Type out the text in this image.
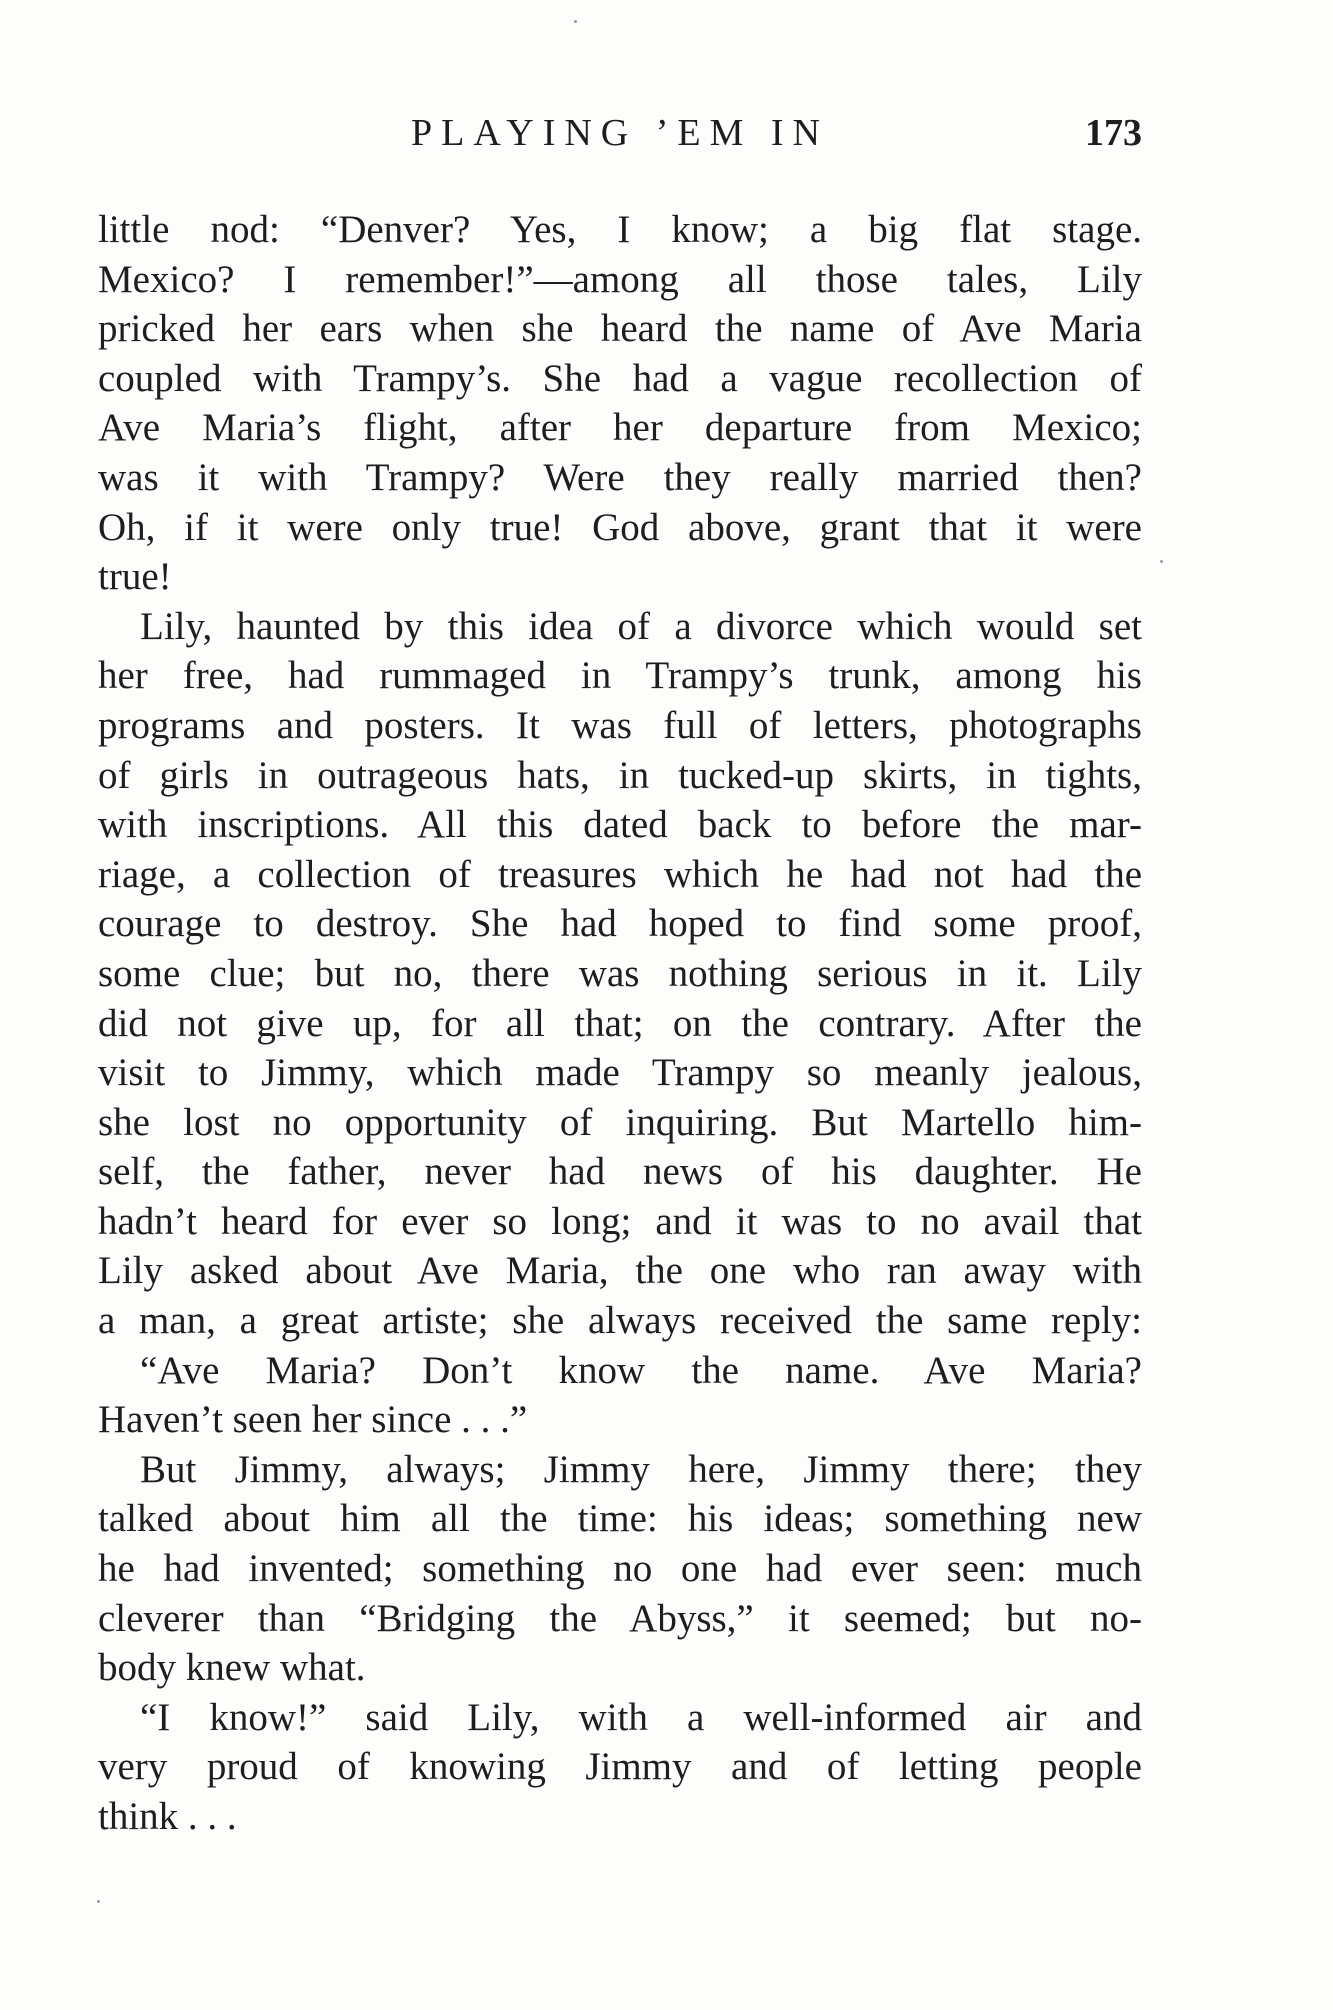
PLAYING ’EM IN	173
little nod: “Denver? Yes, I know; a big flat stage.
Mexico? I remember!”—among all those tales, Lily
pricked her ears when she heard the name of Ave Maria
coupled with Trampy’s. She had a vague recollection of
Ave Maria’s flight, after her departure from Mexico;
was it with Trampy? Were they really married then?
Oh, if it were only true! God above, grant that it were
true!
Lily, haunted by this idea of a divorce which would set
her free, had rummaged in Trampy’s trunk, among his
programs and posters. It was full of letters, photographs
of girls in outrageous hats, in tucked-up skirts, in tights,
with inscriptions. All this dated back to before the mar-
riage, a collection of treasures which he had not had the
courage to destroy. She had hoped to find some proof,
some clue; but no, there was nothing serious in it. Lily
did not give up, for all that; on the contrary. After the
visit to Jimmy, which made Trampy so meanly jealous,
she lost no opportunity of inquiring. But Martello him-
self, the father, never had news of his daughter. He
hadn’t heard for ever so long; and it was to no avail that
Lily asked about Ave Maria, the one who ran away with
a man, a great artiste; she always received the same reply:
“Ave Maria? Don’t know the name. Ave Maria?
Haven’t seen her since . . .”
But Jimmy, always; Jimmy here, Jimmy there; they
talked about him all the time: his ideas; something new
he had invented; something no one had ever seen: much
cleverer than “Bridging the Abyss,” it seemed; but no-
body knew what.
“I know!” said Lily, with a well-informed air and
very proud of knowing Jimmy and of letting people
think . . .
